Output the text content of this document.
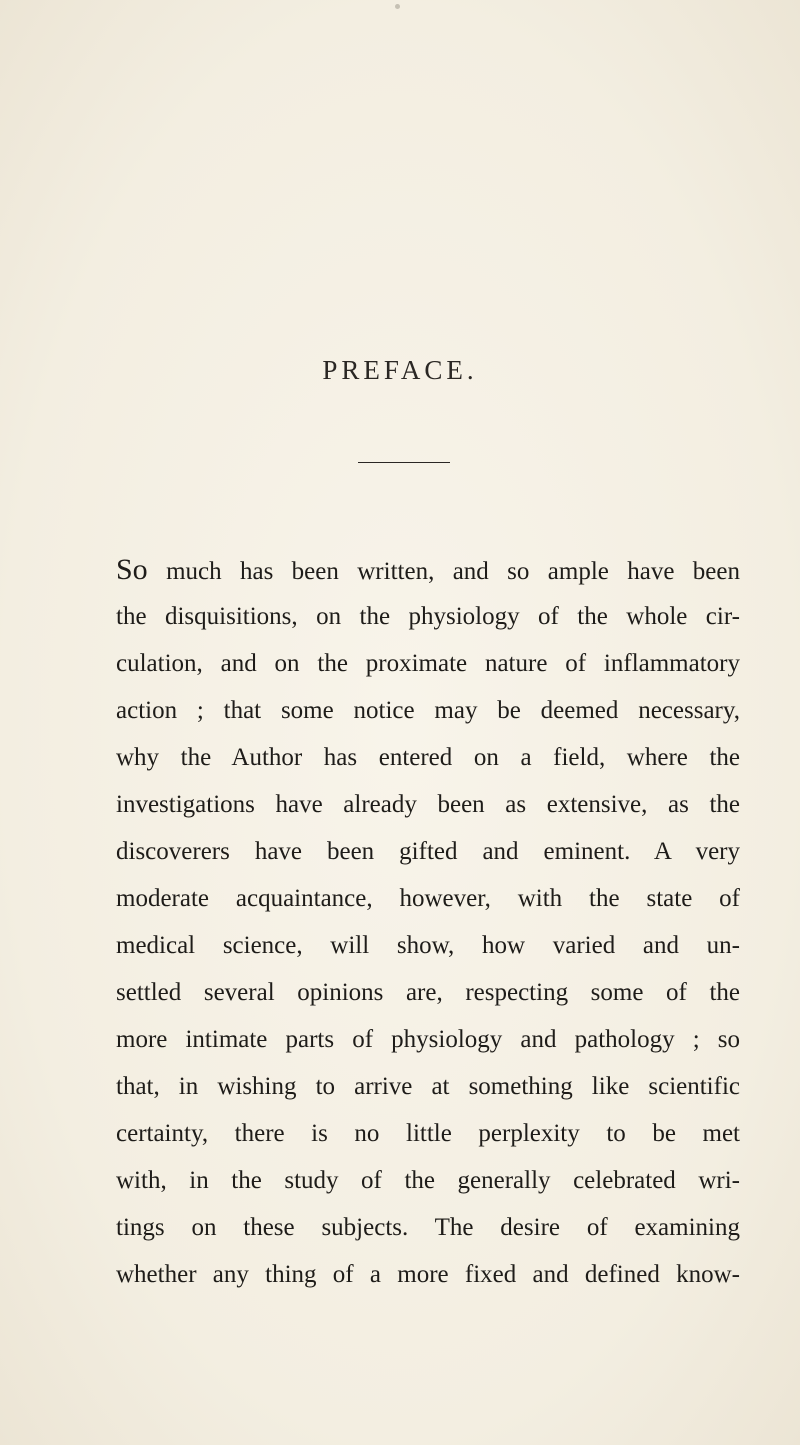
PREFACE.
So much has been written, and so ample have been
the disquisitions, on the physiology of the whole cir-
culation, and on the proximate nature of inflammatory
action ; that some notice may be deemed necessary,
why the Author has entered on a field, where the
investigations have already been as extensive, as the
discoverers have been gifted and eminent. A very
moderate acquaintance, however, with the state of
medical science, will show, how varied and un-
settled several opinions are, respecting some of the
more intimate parts of physiology and pathology ; so
that, in wishing to arrive at something like scientific
certainty, there is no little perplexity to be met
with, in the study of the generally celebrated wri-
tings on these subjects. The desire of examining
whether any thing of a more fixed and defined know-
